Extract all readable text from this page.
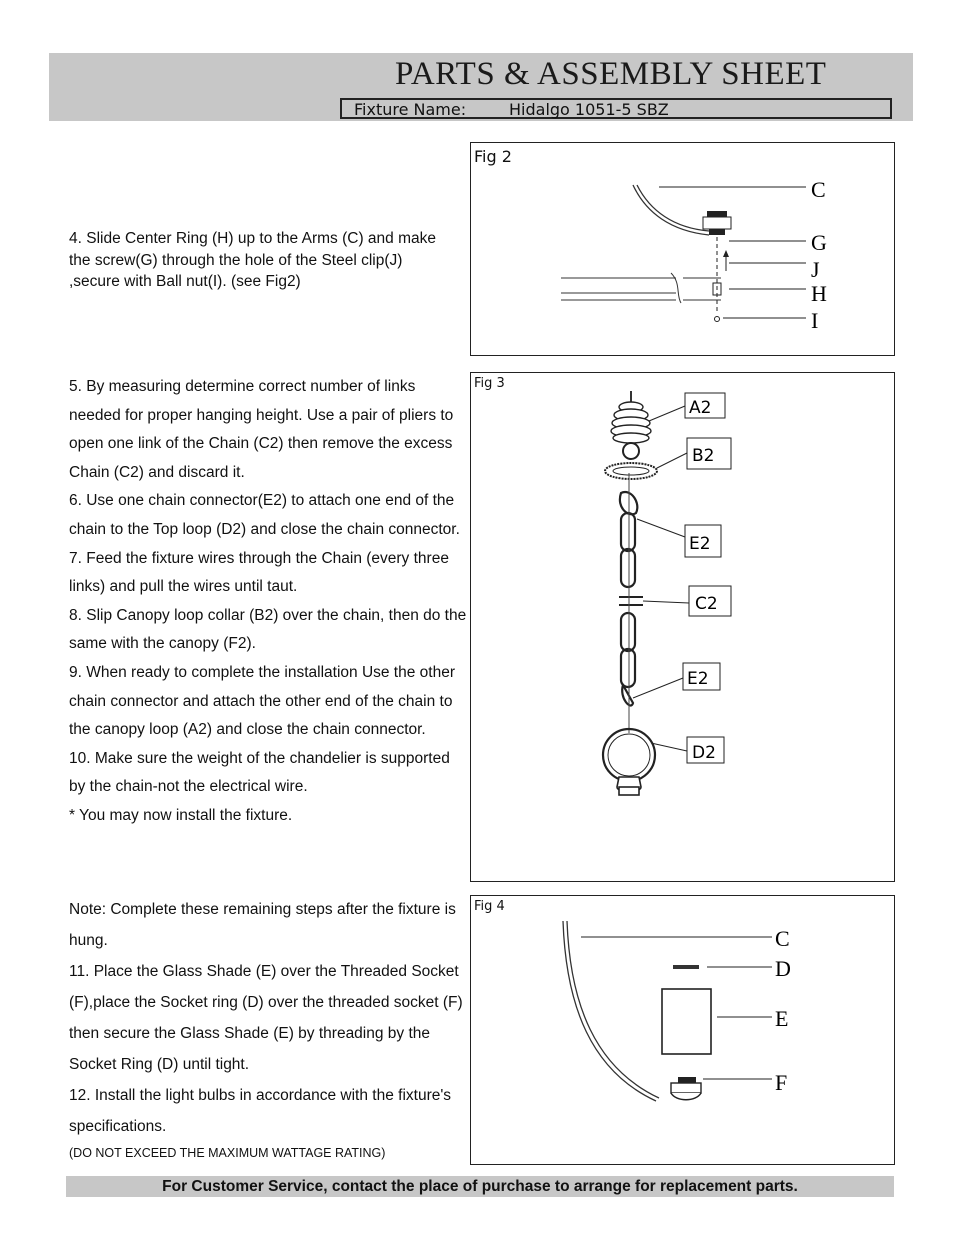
PARTS & ASSEMBLY SHEET
Fixture Name:	Hidalgo 1051-5 SBZ
4. Slide Center Ring (H) up to the Arms (C) and make the screw(G) through the hole of the Steel clip(J) ,secure with Ball nut(I). (see Fig2)
Fig 2
C
G
J
H
I

5. By measuring determine correct number of links needed for proper hanging height. Use a pair of pliers to open one link of the Chain (C2) then remove the excess Chain (C2) and discard it.

6. Use one chain connector(E2) to attach one end of the chain to the Top loop (D2) and close the chain connector.

7. Feed the fixture wires through the Chain (every three links) and pull the wires until taut.

8. Slip Canopy loop collar (B2) over the chain, then do the same with the canopy (F2).

9. When ready to complete the installation Use the other chain connector and attach the other end of the chain to the canopy loop (A2) and close the chain connector.

10. Make sure the weight of the chandelier is supported by the chain-not the electrical wire.

* You may now install the fixture.

Fig 3
A2
B2
E2
C2
E2
D2

Note: Complete these remaining steps after the fixture is hung.

11. Place the Glass Shade (E) over the Threaded Socket (F),place the Socket ring (D) over the threaded socket (F) then secure the Glass Shade (E) by threading by the Socket Ring (D) until tight.

12. Install the light bulbs in accordance with the fixture's specifications.

(DO NOT EXCEED THE MAXIMUM WATTAGE RATING)

Fig 4
C
D
E
F
For Customer Service, contact the place of purchase to arrange for replacement parts.
